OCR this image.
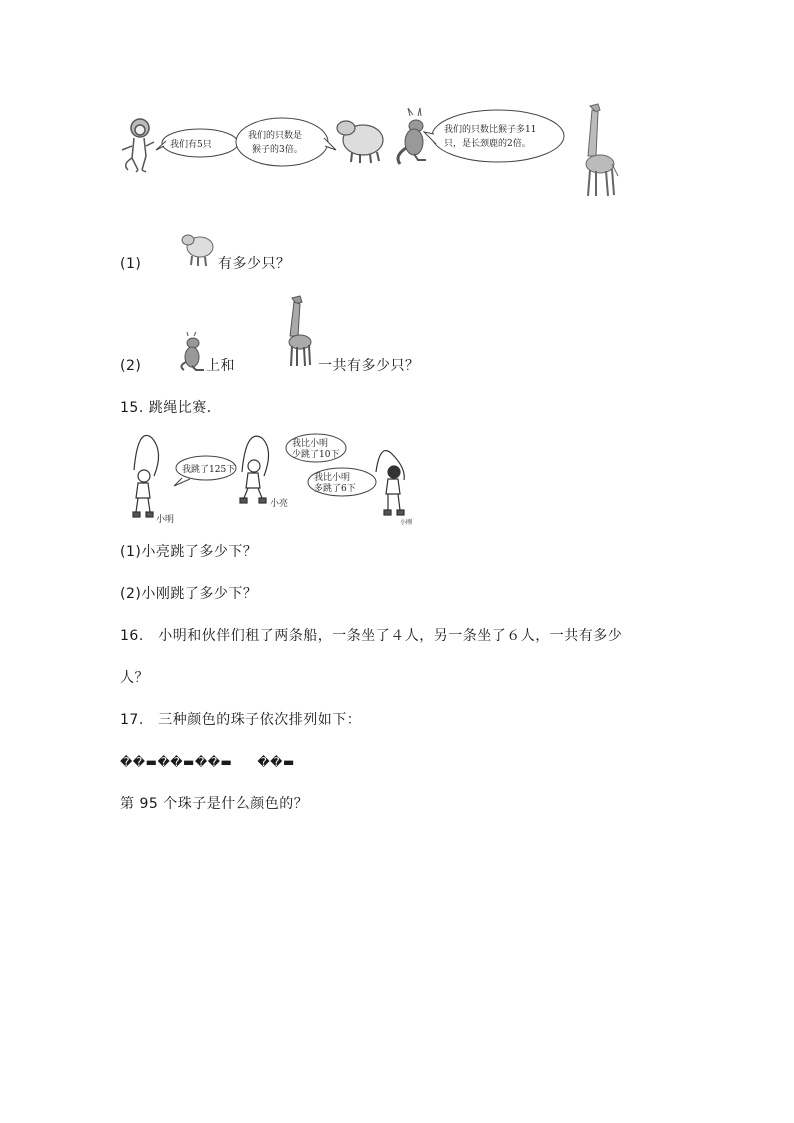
我们有5只
我们的只数是
猴子的3倍。
我们的只数比猴子多11
只，是长颈鹿的2倍。
(1)	有多少只？
(2)	上和	一共有多少只？
15. 跳绳比赛．
小明
我跳了125下
小亮
我比小明
少跳了10下
我比小明
多跳了6下
小刚
(1)小亮跳了多少下？
(2)小刚跳了多少下？
16.　小明和伙伴们租了两条船，一条坐了４人，另一条坐了６人，一共有多少
人？
17.　三种颜色的珠子依次排列如下：
��▬��▬��▬　　��▬
第 95 个珠子是什么颜色的？
